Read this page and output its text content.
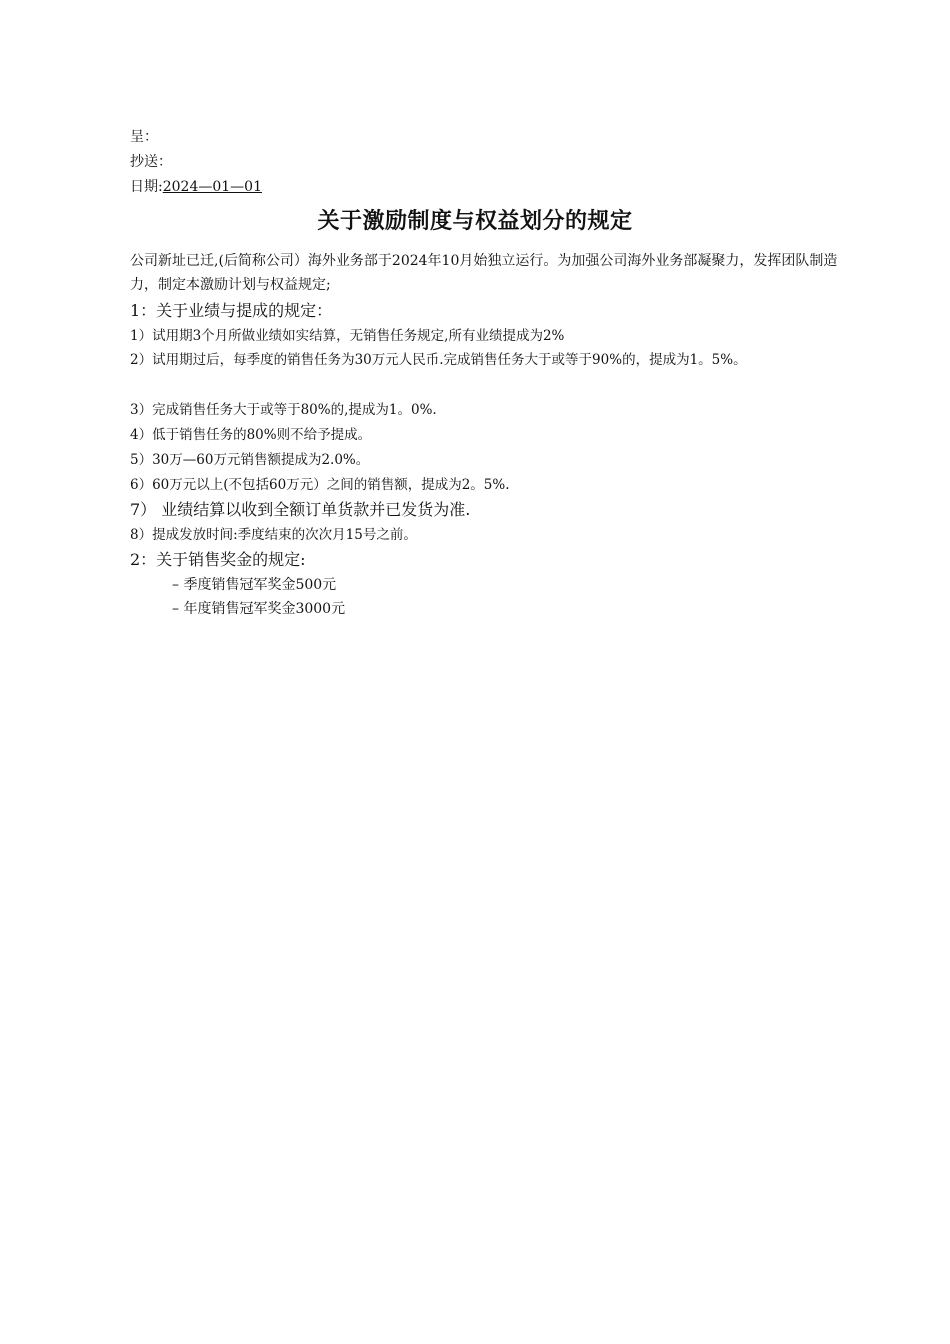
呈：
抄送：
日期:2024—01—01
关于激励制度与权益划分的规定

公司新址已迁,(后简称公司）海外业务部于2024年10月始独立运行。为加强公司海外业务部凝聚力，发挥团队制造力，制定本激励计划与权益规定;

1：关于业绩与提成的规定：
1）试用期3个月所做业绩如实结算，无销售任务规定,所有业绩提成为2%
2）试用期过后，每季度的销售任务为30万元人民币.完成销售任务大于或等于90%的，提成为1。5%。
3）完成销售任务大于或等于80%的,提成为1。0%.
4）低于销售任务的80%则不给予提成。
5）30万—60万元销售额提成为2.0%。
6）60万元以上(不包括60万元）之间的销售额，提成为2。5%.
7） 业绩结算以收到全额订单货款并已发货为准.
8）提成发放时间:季度结束的次次月15号之前。
2：关于销售奖金的规定:
– 季度销售冠军奖金500元
– 年度销售冠军奖金3000元
